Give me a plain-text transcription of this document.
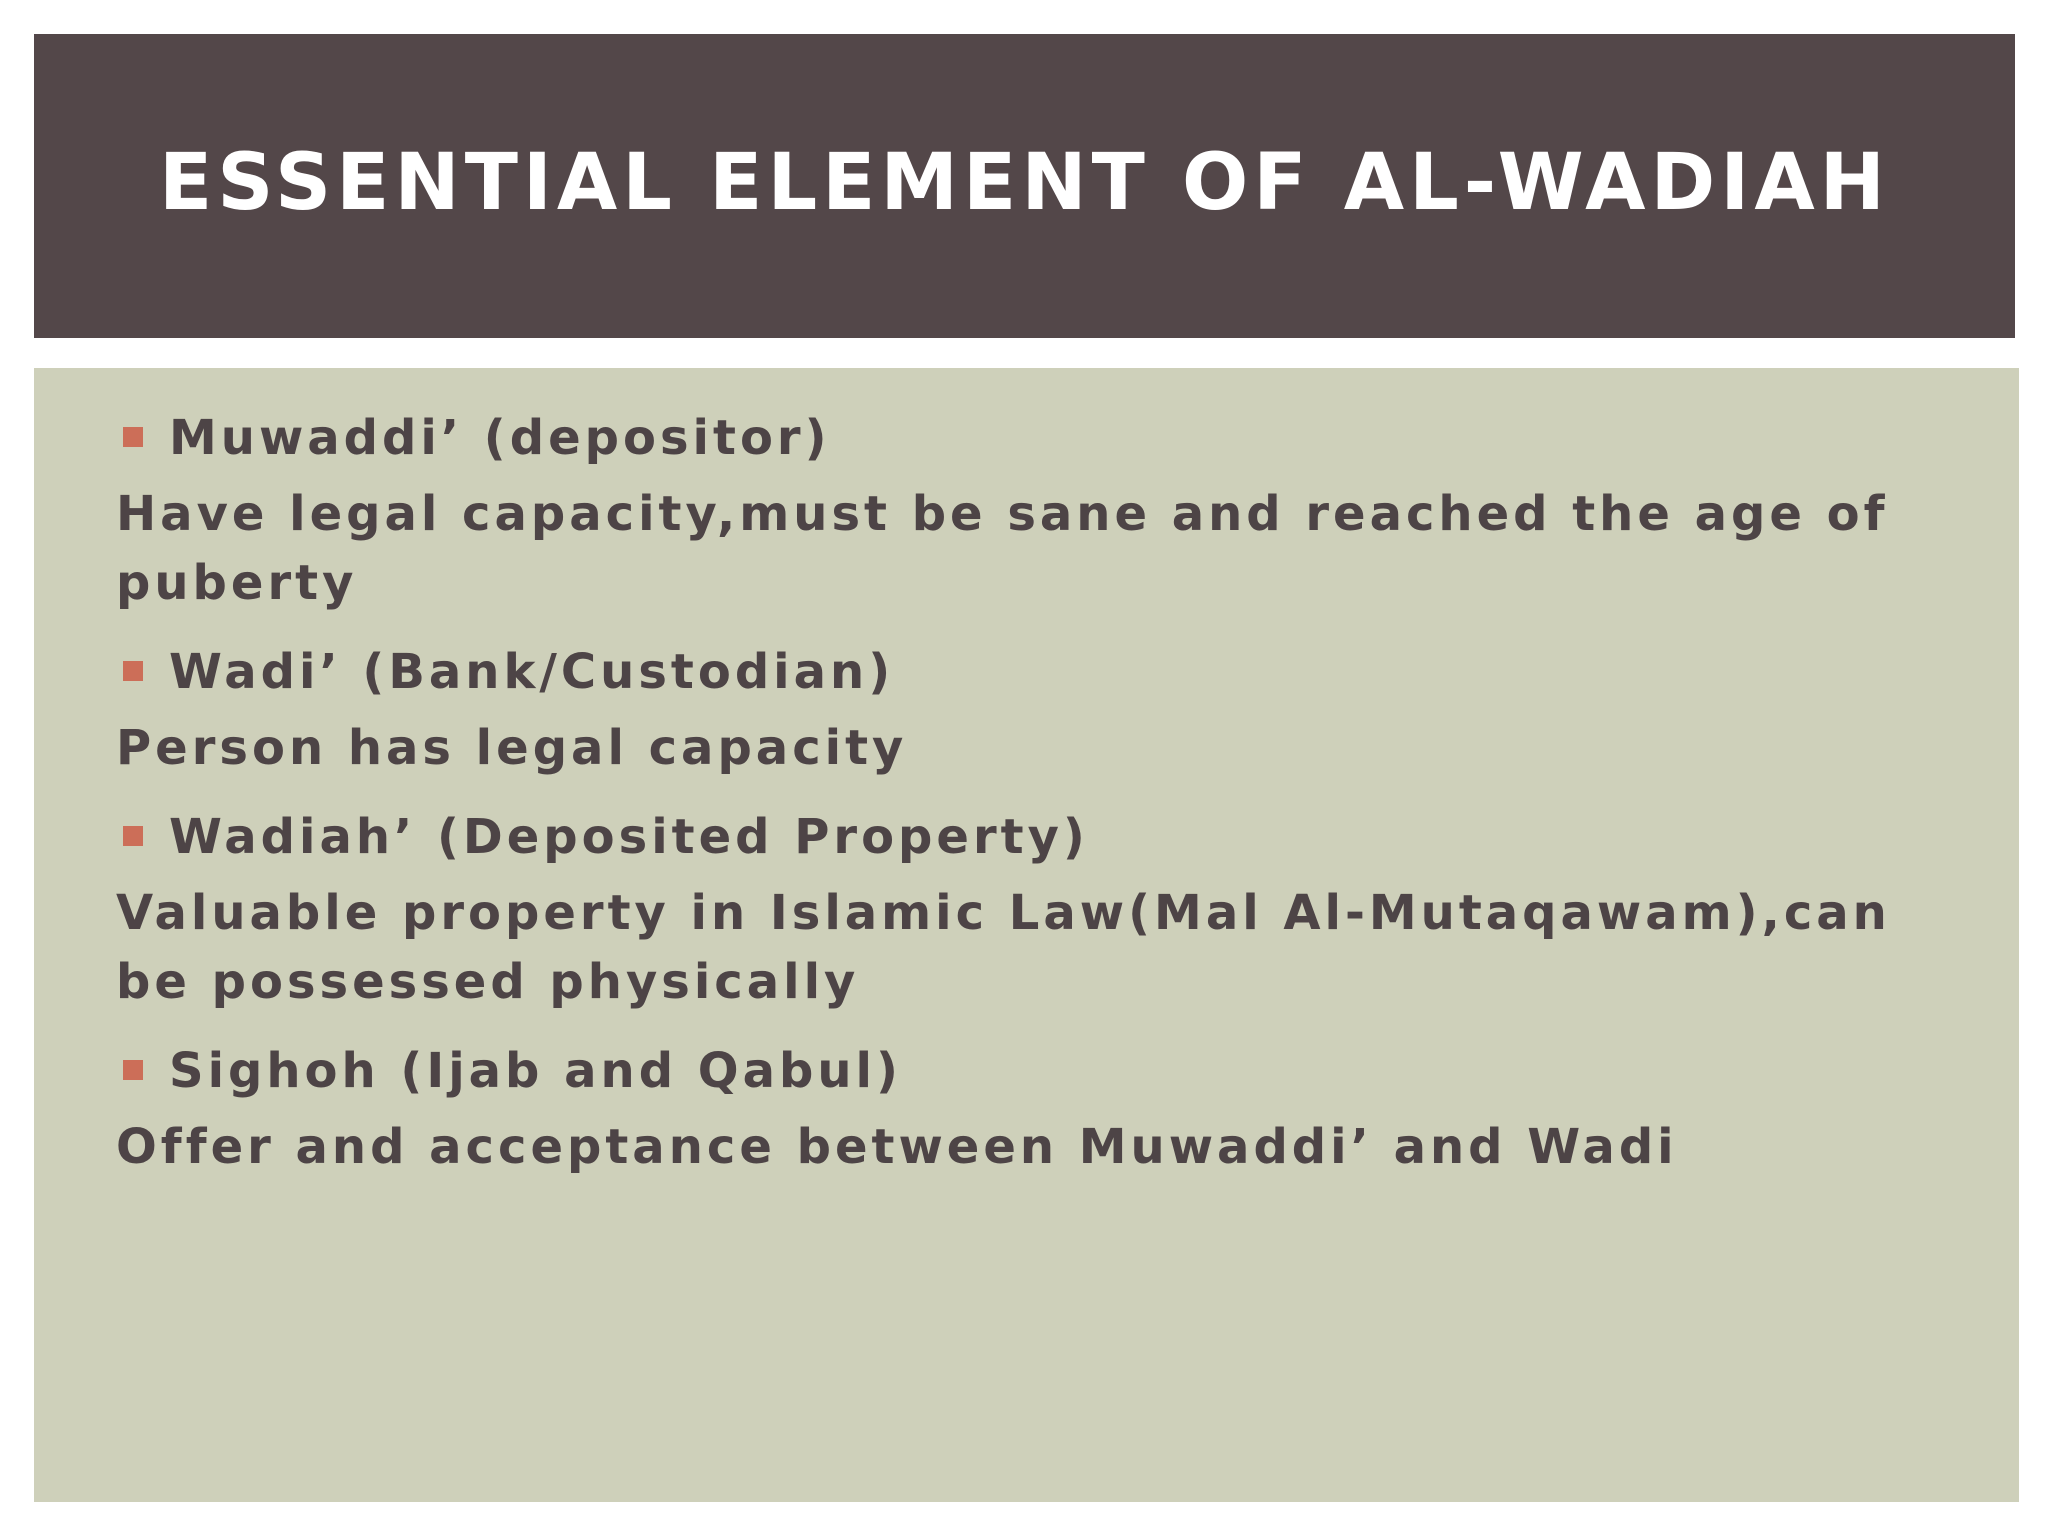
ESSENTIAL ELEMENT OF AL-WADIAH
Muwaddi’ (depositor)

Have legal capacity,must be sane and reached the age of puberty

Wadi’ (Bank/Custodian)

Person has legal capacity

Wadiah’ (Deposited Property)

Valuable property in Islamic Law(Mal Al-Mutaqawam),can be possessed physically

Sighoh (Ijab and Qabul)

Offer and acceptance between Muwaddi’ and Wadi
